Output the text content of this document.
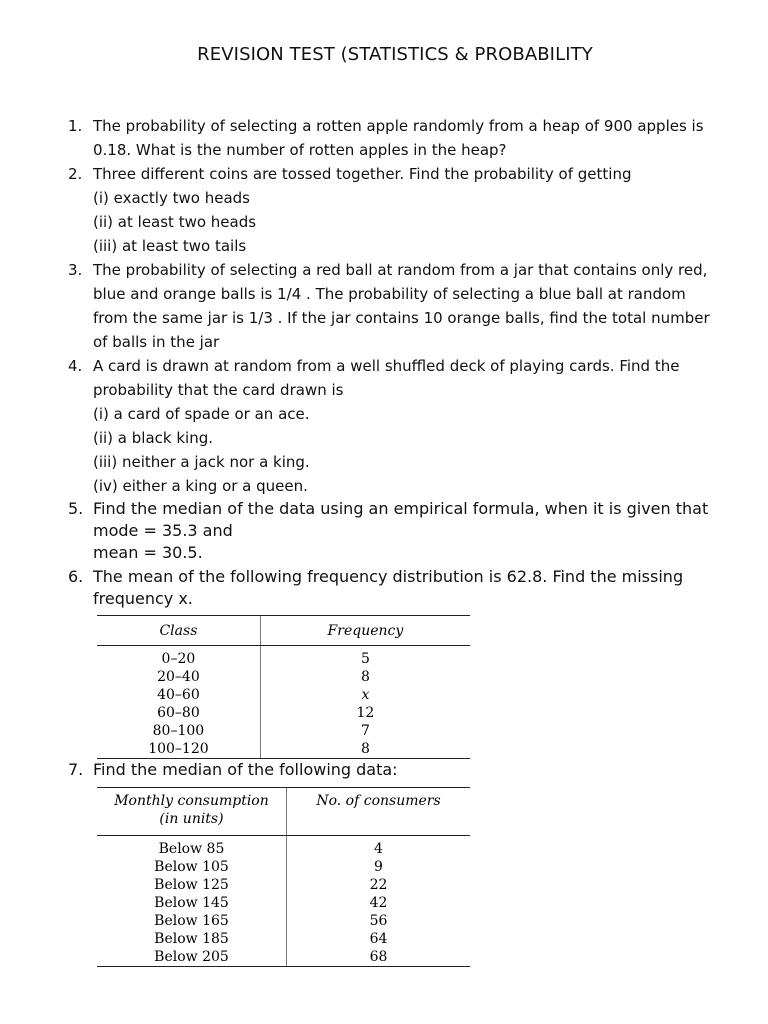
REVISION TEST (STATISTICS & PROBABILITY
1. The probability of selecting a rotten apple randomly from a heap of 900 apples is
0.18. What is the number of rotten apples in the heap?
2. Three different coins are tossed together. Find the probability of getting
(i) exactly two heads
(ii) at least two heads
(iii) at least two tails
3. The probability of selecting a red ball at random from a jar that contains only red,
blue and orange balls is 1/4 . The probability of selecting a blue ball at random
from the same jar is 1/3 . If the jar contains 10 orange balls, find the total number
of balls in the jar
4. A card is drawn at random from a well shuffled deck of playing cards. Find the
probability that the card drawn is
(i) a card of spade or an ace.
(ii) a black king.
(iii) neither a jack nor a king.
(iv) either a king or a queen.
5. Find the median of the data using an empirical formula, when it is given that
mode = 35.3 and
mean = 30.5.
6. The mean of the following frequency distribution is 62.8. Find the missing
frequency x.
Class	Frequency
0–20	5
20–40	8
40–60	x
60–80	12
80–100	7
100–120	8
7. Find the median of the following data:
Monthly consumption
(in units)	No. of consumers
Below 85	4
Below 105	9
Below 125	22
Below 145	42
Below 165	56
Below 185	64
Below 205	68
